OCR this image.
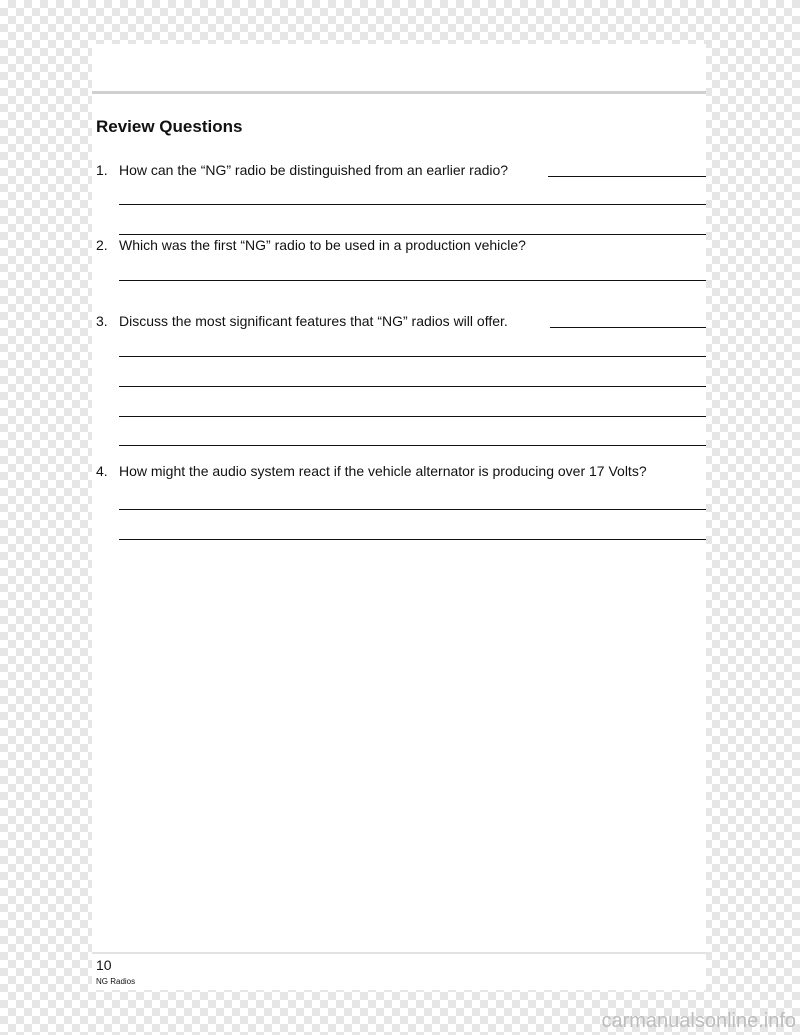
Review Questions
1. How can the “NG” radio be distinguished from an earlier radio?
2. Which was the first “NG” radio to be used in a production vehicle?
3. Discuss the most significant features that “NG” radios will offer.
4. How might the audio system react if the vehicle alternator is producing over 17 Volts?
10
NG Radios
carmanualsonline.info
